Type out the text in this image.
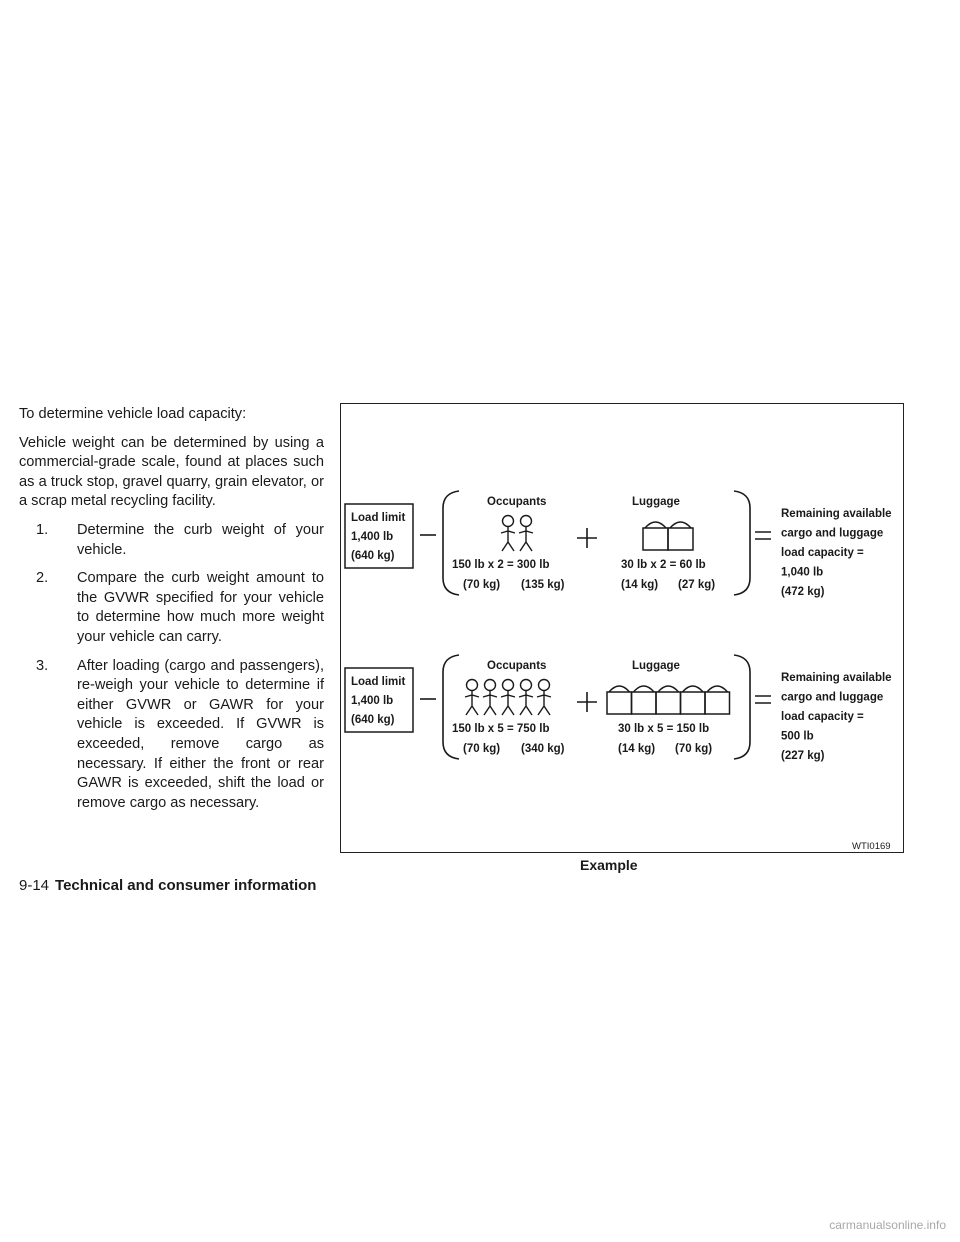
To determine vehicle load capacity:

Vehicle weight can be determined by using a commercial-grade scale, found at places such as a truck stop, gravel quarry, grain elevator, or a scrap metal recycling facility.

1. Determine the curb weight of your vehicle.
2. Compare the curb weight amount to the GVWR specified for your vehicle to determine how much more weight your vehicle can carry.
3. After loading (cargo and passengers), re-weigh your vehicle to determine if either GVWR or GAWR for your vehicle is exceeded. If GVWR is exceeded, remove cargo as necessary. If either the front or rear GAWR is exceeded, shift the load or remove cargo as necessary.
Load limit
1,400 lb
(640 kg)
Occupants	Luggage
150 lb x 2 = 300 lb
(70 kg) (135 kg)
30 lb x 2 = 60 lb
(14 kg) (27 kg)
Remaining available
cargo and luggage
load capacity =
1,040 lb
(472 kg)
Load limit
1,400 lb
(640 kg)
Occupants	Luggage
150 lb x 5 = 750 lb
(70 kg) (340 kg)
30 lb x 5 = 150 lb
(14 kg) (70 kg)
Remaining available
cargo and luggage
load capacity =
500 lb
(227 kg)
WTI0169
Example
9-14 Technical and consumer information
carmanualsonline.info
